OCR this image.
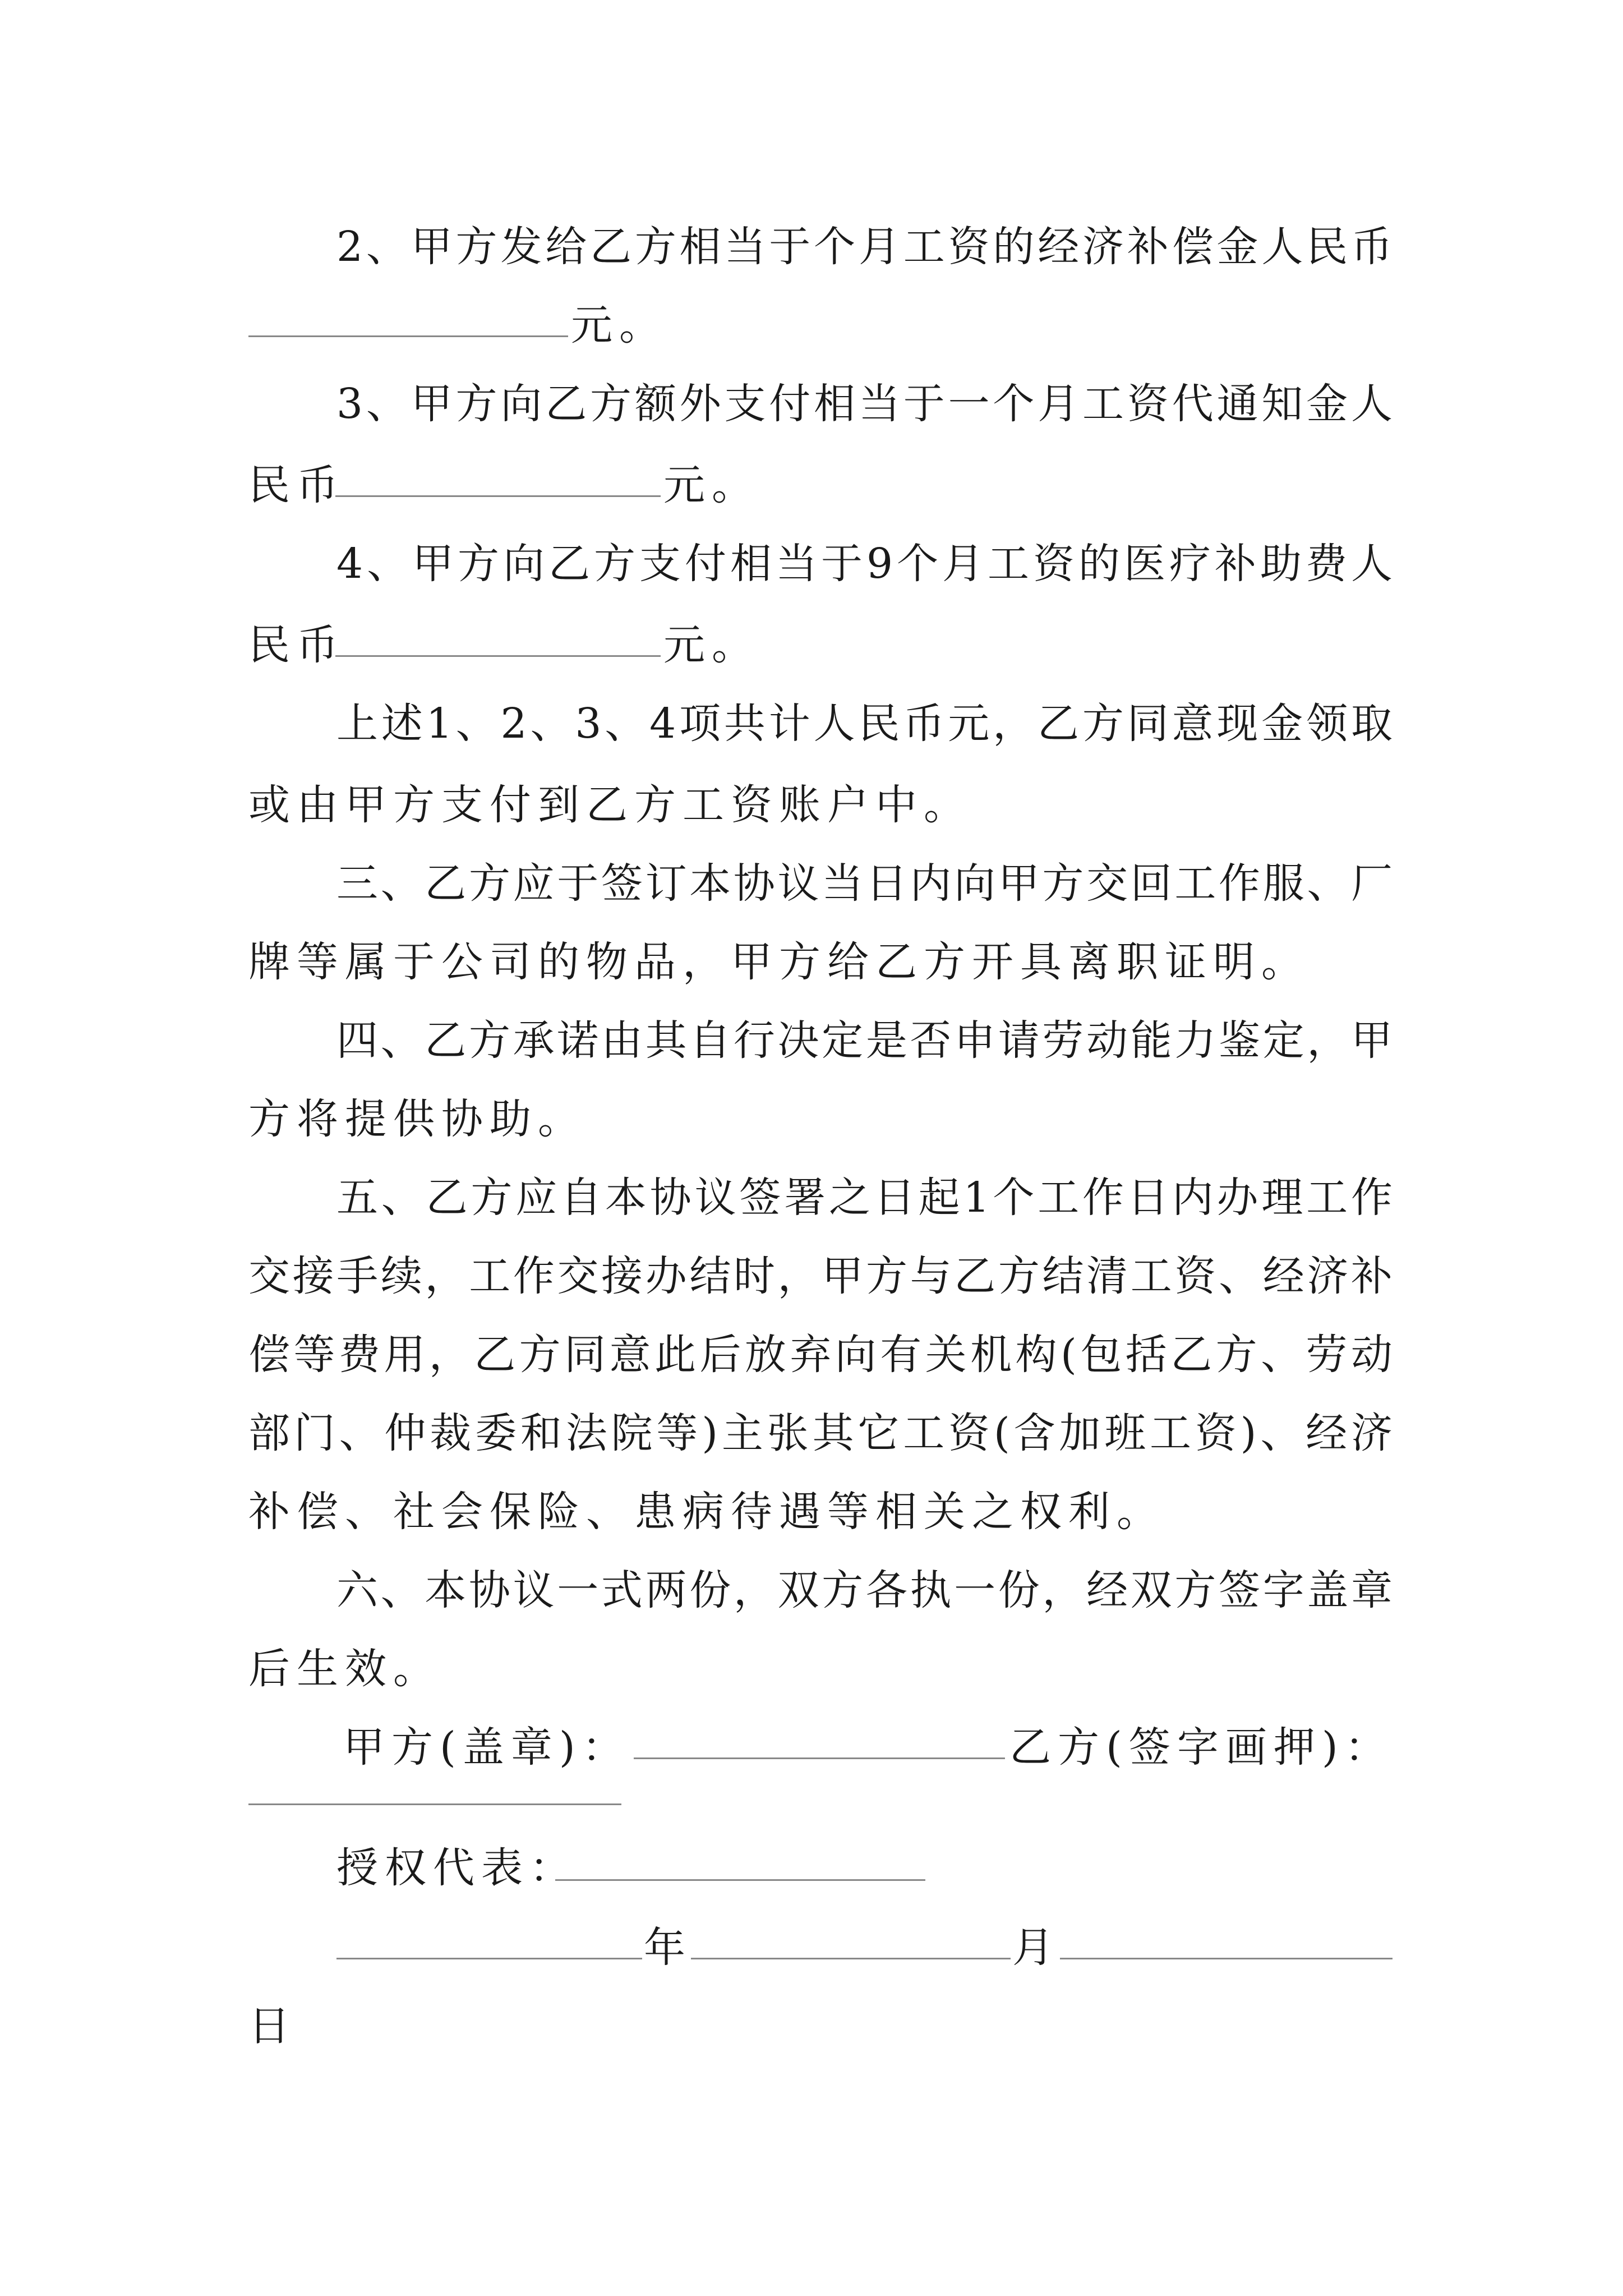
2、甲方发给乙方相当于个月工资的经济补偿金人民币
元。
3、甲方向乙方额外支付相当于一个月工资代通知金人
民币	元。
4、甲方向乙方支付相当于9个月工资的医疗补助费人
民币	元。
上述1、2、3、4项共计人民币元，乙方同意现金领取
或由甲方支付到乙方工资账户中。
三、乙方应于签订本协议当日内向甲方交回工作服、厂
牌等属于公司的物品，甲方给乙方开具离职证明。
四、乙方承诺由其自行决定是否申请劳动能力鉴定，甲
方将提供协助。
五、乙方应自本协议签署之日起1个工作日内办理工作
交接手续，工作交接办结时，甲方与乙方结清工资、经济补
偿等费用，乙方同意此后放弃向有关机构(包括乙方、劳动
部门、仲裁委和法院等)主张其它工资(含加班工资)、经济
补偿、社会保险、患病待遇等相关之权利。
六、本协议一式两份，双方各执一份，经双方签字盖章
后生效。
甲方(盖章)：	乙方(签字画押)：
授权代表：
年	月
日
